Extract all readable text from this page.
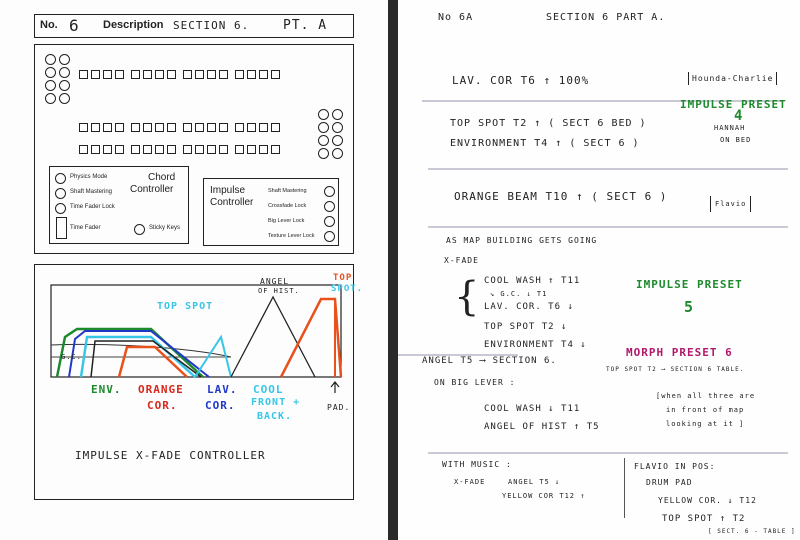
No. 6 Description SECTION 6.	PT. A
Physics Mode
Shaft Mastering
Time Fader Lock
Time Fader	Sticky Keys
Chord
Controller	Impulse
Controller
Shaft Mastering
Crossfade Lock
Big Lever Lock
Texture Lever Lock
G.C.
TOP SPOT
ANGEL
OF HIST.
TOP
SPOT.
ENV. ORANGE
COR.
LAV.
COR.
COOL
FRONT +
BACK.
PAD.
IMPULSE X-FADE CONTROLLER
No 6A	SECTION 6 PART A.
LAV. COR T6 ↑ 100%	Hounda-Charlie
TOP SPOT T2 ↑ ( SECT 6 BED )
ENVIRONMENT T4 ↑ ( SECT 6 )
IMPULSE PRESET
4
HANNAH
ON BED
ORANGE BEAM T10 ↑ ( SECT 6 )
Flavio
AS MAP BUILDING GETS GOING
X-FADE
{ COOL WASH ↑ T11
↘ G.C. ↓ T1
LAV. COR. T6 ↓
TOP SPOT T2 ↓
ENVIRONMENT T4 ↓
IMPULSE PRESET
5
MORPH PRESET 6
ANGEL T5 ⟶ SECTION 6.
TOP SPOT T2 ⟶ SECTION 6 TABLE.
ON BIG LEVER :
COOL WASH ↓ T11
ANGEL OF HIST ↑ T5
[when all three are
in front of map
looking at it ]
WITH MUSIC :
X-FADE	ANGEL T5 ↓
YELLOW COR T12 ↑
FLAVIO IN POS:
DRUM PAD
YELLOW COR. ↓ T12
TOP SPOT ↑ T2
[ SECT. 6 - TABLE ]
